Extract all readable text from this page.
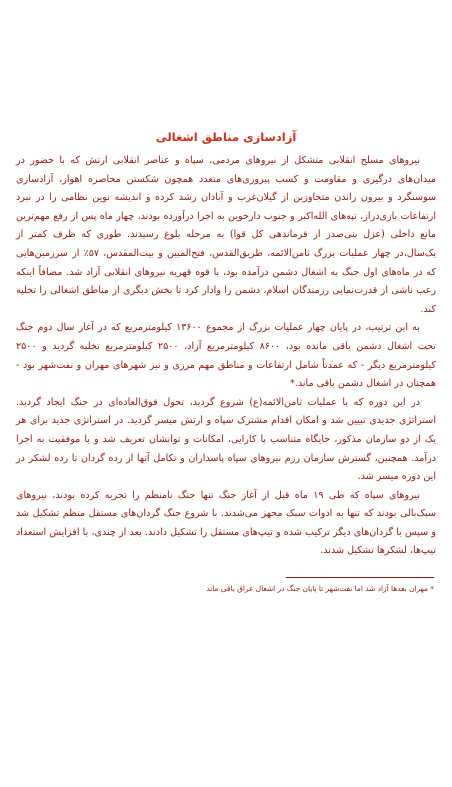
آزادسازی مناطق اشغالی

نیروهای مسلح انقلابی متشکل از نیروهای مردمی، سپاه و عناصر انقلابی ارتش که با حضور در میدان‌های درگیری و مقاومت و کسب پیروزی‌های متعدد همچون شکستن محاصره اهواز، آزادسازی سوسنگرد و بیرون راندن متجاوزین از گیلان‌غرب و آبادان رشد کرده و اندیشه نوین نظامی را در نبرد ارتفاعات بازی‌دراز، تپه‌های الله‌اکبر و جنوب دارخوین به اجرا درآورده بودند، چهار ماه پس از رفع مهم‌ترین مانع داخلی (عزل بنی‌صدر از فرماندهی کل قوا) به مرحله بلوغ رسیدند. طوری که ظرف کمتر از یک‌سال،در چهار عملیات بزرگ ثامن‌الائمه، طریق‌القدس، فتح‌المبین و بیت‌المقدس، ۵۷٪ از سرزمین‌هایی که در ماه‌های اول جنگ به اشغال دشمن درآمده بود، با قوه قهریه نیروهای انقلابی آزاد شد. مضافاً اینکه رعب ناشی از قدرت‌نمایی رزمندگان اسلام، دشمن را وادار کرد تا بخش دیگری از مناطق اشغالی را تخلیه کند.

به این ترتیب، در پایان چهار عملیات بزرگ از مجموع ۱۳۶۰۰ کیلومترمربع که در آغاز سال دوم جنگ تحت اشغال دشمن باقی مانده بود، ۸۶۰۰ کیلومترمربع آزاد، ۲۵۰۰ کیلومترمربع تخلیه گردید و ۲۵۰۰ کیلومترمربع دیگر - که عمدتاً شامل ارتفاعات و مناطق مهم مرزی و نیز شهرهای مهران و نفت‌شهر بود - همچنان در اشغال دشمن باقی ماند.*

در این دوره که با عملیات ثامن‌الائمه(ع) شروع گردید، تحول فوق‌العاده‌ای در جنگ ایجاد گردید. استراتژی جدیدی تبیین شد و امکان اقدام مشترک سپاه و ارتش میسر گردید. در استراتژی جدید برای هر یک از دو سازمان مذکور، جایگاه متناسب با کارایی، امکانات و توانشان تعریف شد و با موفقیت به اجرا درآمد. همچنین، گسترش سازمان رزم نیروهای سپاه پاسداران و تکامل آنها از رده گردان تا رده لشکر در این دوره میسر شد.

نیروهای سپاه که طی ۱۹ ماه قبل از آغاز جنگ تنها جنگ نامنظم را تجربه کرده بودند، نیروهای سبک‌بالی بودند که تنها به ادوات سبک مجهز می‌شدند. با شروع جنگ گردان‌های مستقل منظم تشکیل شد و سپس با گردان‌های دیگر ترکیب شده و تیپ‌های مستقل را تشکیل دادند. بعد از چندی، با افزایش استعداد تیپ‌ها، لشکرها تشکیل شدند.

* مهران بعدها آزاد شد اما نفت‌شهر تا پایان جنگ در اشغال عراق باقی ماند
